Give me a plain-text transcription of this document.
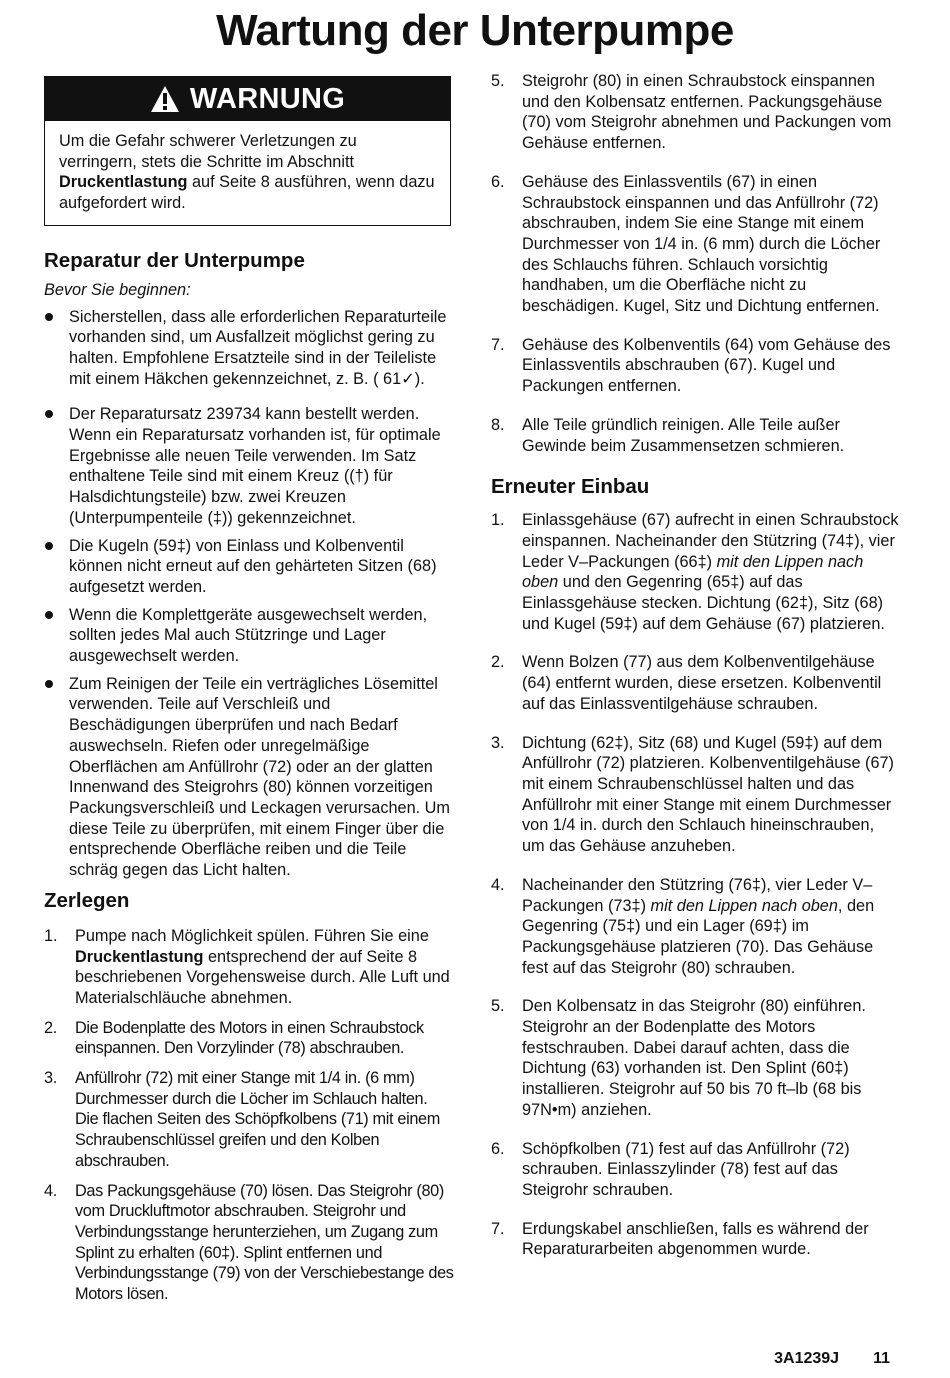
Wartung der Unterpumpe
WARNUNG
Um die Gefahr schwerer Verletzungen zu verringern, stets die Schritte im Abschnitt Druckentlastung auf Seite 8 ausführen, wenn dazu aufgefordert wird.
Reparatur der Unterpumpe
Bevor Sie beginnen:
Sicherstellen, dass alle erforderlichen Reparaturteile vorhanden sind, um Ausfallzeit möglichst gering zu halten. Empfohlene Ersatzteile sind in der Teileliste mit einem Häkchen gekennzeichnet, z. B. ( 61✓).
Der Reparatursatz 239734 kann bestellt werden. Wenn ein Reparatursatz vorhanden ist, für optimale Ergebnisse alle neuen Teile verwenden. Im Satz enthaltene Teile sind mit einem Kreuz ((†) für Halsdichtungsteile) bzw. zwei Kreuzen (Unterpumpenteile (‡)) gekennzeichnet.
Die Kugeln (59‡) von Einlass und Kolbenventil können nicht erneut auf den gehärteten Sitzen (68) aufgesetzt werden.
Wenn die Komplettgeräte ausgewechselt werden, sollten jedes Mal auch Stützringe und Lager ausgewechselt werden.
Zum Reinigen der Teile ein verträgliches Lösemittel verwenden. Teile auf Verschleiß und Beschädigungen überprüfen und nach Bedarf auswechseln. Riefen oder unregelmäßige Oberflächen am Anfüllrohr (72) oder an der glatten Innenwand des Steigrohrs (80) können vorzeitigen Packungsverschleiß und Leckagen verursachen. Um diese Teile zu überprüfen, mit einem Finger über die entsprechende Oberfläche reiben und die Teile schräg gegen das Licht halten.
Zerlegen
1. Pumpe nach Möglichkeit spülen. Führen Sie eine Druckentlastung entsprechend der auf Seite 8 beschriebenen Vorgehensweise durch. Alle Luft und Materialschläuche abnehmen.
2. Die Bodenplatte des Motors in einen Schraubstock einspannen. Den Vorzylinder (78) abschrauben.
3. Anfüllrohr (72) mit einer Stange mit 1/4 in. (6 mm) Durchmesser durch die Löcher im Schlauch halten. Die flachen Seiten des Schöpfkolbens (71) mit einem Schraubenschlüssel greifen und den Kolben abschrauben.
4. Das Packungsgehäuse (70) lösen. Das Steigrohr (80) vom Druckluftmotor abschrauben. Steigrohr und Verbindungsstange herunterziehen, um Zugang zum Splint zu erhalten (60‡). Splint entfernen und Verbindungsstange (79) von der Verschiebestange des Motors lösen.
5. Steigrohr (80) in einen Schraubstock einspannen und den Kolbensatz entfernen. Packungsgehäuse (70) vom Steigrohr abnehmen und Packungen vom Gehäuse entfernen.
6. Gehäuse des Einlassventils (67) in einen Schraubstock einspannen und das Anfüllrohr (72) abschrauben, indem Sie eine Stange mit einem Durchmesser von 1/4 in. (6 mm) durch die Löcher des Schlauchs führen. Schlauch vorsichtig handhaben, um die Oberfläche nicht zu beschädigen. Kugel, Sitz und Dichtung entfernen.
7. Gehäuse des Kolbenventils (64) vom Gehäuse des Einlassventils abschrauben (67). Kugel und Packungen entfernen.
8. Alle Teile gründlich reinigen. Alle Teile außer Gewinde beim Zusammensetzen schmieren.
Erneuter Einbau
1. Einlassgehäuse (67) aufrecht in einen Schraubstock einspannen. Nacheinander den Stützring (74‡), vier Leder V–Packungen (66‡) mit den Lippen nach oben und den Gegenring (65‡) auf das Einlassgehäuse stecken. Dichtung (62‡), Sitz (68) und Kugel (59‡) auf dem Gehäuse (67) platzieren.
2. Wenn Bolzen (77) aus dem Kolbenventilgehäuse (64) entfernt wurden, diese ersetzen. Kolbenventil auf das Einlassventilgehäuse schrauben.
3. Dichtung (62‡), Sitz (68) und Kugel (59‡) auf dem Anfüllrohr (72) platzieren. Kolbenventilgehäuse (67) mit einem Schraubenschlüssel halten und das Anfüllrohr mit einer Stange mit einem Durchmesser von 1/4 in. durch den Schlauch hineinschrauben, um das Gehäuse anzuheben.
4. Nacheinander den Stützring (76‡), vier Leder V–Packungen (73‡) mit den Lippen nach oben, den Gegenring (75‡) und ein Lager (69‡) im Packungsgehäuse platzieren (70). Das Gehäuse fest auf das Steigrohr (80) schrauben.
5. Den Kolbensatz in das Steigrohr (80) einführen. Steigrohr an der Bodenplatte des Motors festschrauben. Dabei darauf achten, dass die Dichtung (63) vorhanden ist. Den Splint (60‡) installieren. Steigrohr auf 50 bis 70 ft–lb (68 bis 97N•m) anziehen.
6. Schöpfkolben (71) fest auf das Anfüllrohr (72) schrauben. Einlasszylinder (78) fest auf das Steigrohr schrauben.
7. Erdungskabel anschließen, falls es während der Reparaturarbeiten abgenommen wurde.
3A1239J 11
